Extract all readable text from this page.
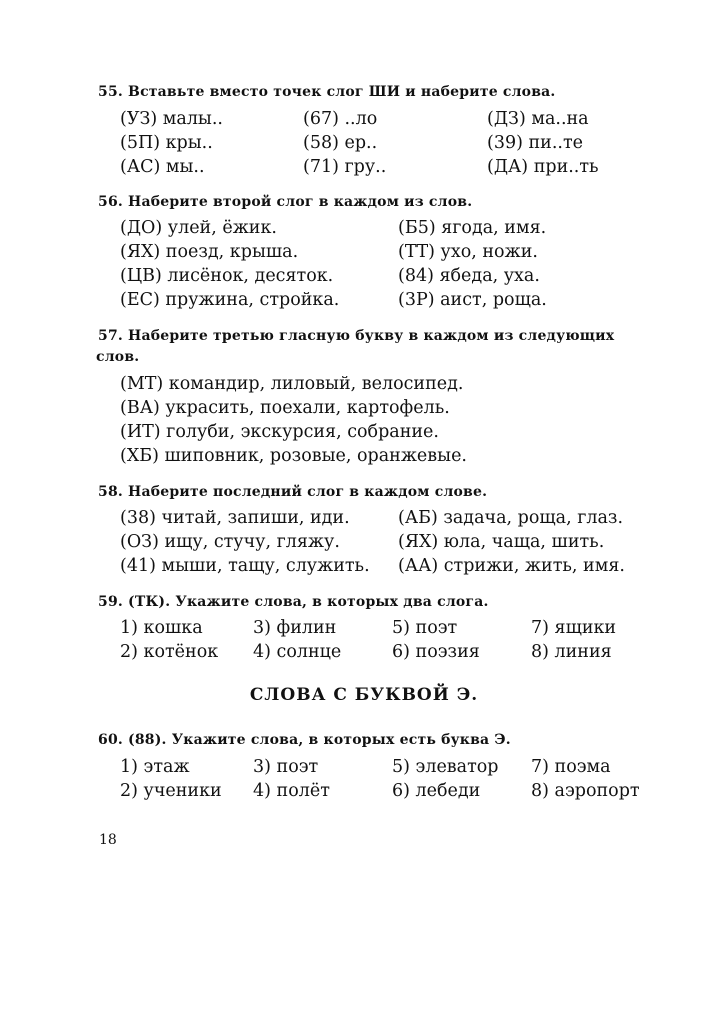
55. Вставьте вместо точек слог ШИ и наберите слова.
(УЗ) малы..	(67) ..ло	(ДЗ) ма..на
(5П) кры..	(58) ер..	(39) пи..те
(АС) мы..	(71) гру..	(ДА) при..ть
56. Наберите второй слог в каждом из слов.
(ДО) улей, ёжик.	(Б5) ягода, имя.
(ЯХ) поезд, крыша.	(ТТ) ухо, ножи.
(ЦВ) лисёнок, десяток.	(84) ябеда, уха.
(ЕС) пружина, стройка.	(3Р) аист, роща.
57. Наберите третью гласную букву в каждом из следующих
слов.
(МТ) командир, лиловый, велосипед.
(ВА) украсить, поехали, картофель.
(ИТ) голуби, экскурсия, собрание.
(ХБ) шиповник, розовые, оранжевые.
58. Наберите последний слог в каждом слове.
(38) читай, запиши, иди.	(АБ) задача, роща, глаз.
(ОЗ) ищу, стучу, гляжу.	(ЯХ) юла, чаща, шить.
(41) мыши, тащу, служить. (АА) стрижи, жить, имя.
59. (ТК). Укажите слова, в которых два слога.
1) кошка	3) филин	5) поэт	7) ящики
2) котёнок 4) солнце	6) поэзия	8) линия
СЛОВА С БУКВОЙ Э.
60. (88). Укажите слова, в которых есть буква Э.
1) этаж	3) поэт	5) элеватор 7) поэма
2) ученики 4) полёт	6) лебеди	8) аэропорт
18
